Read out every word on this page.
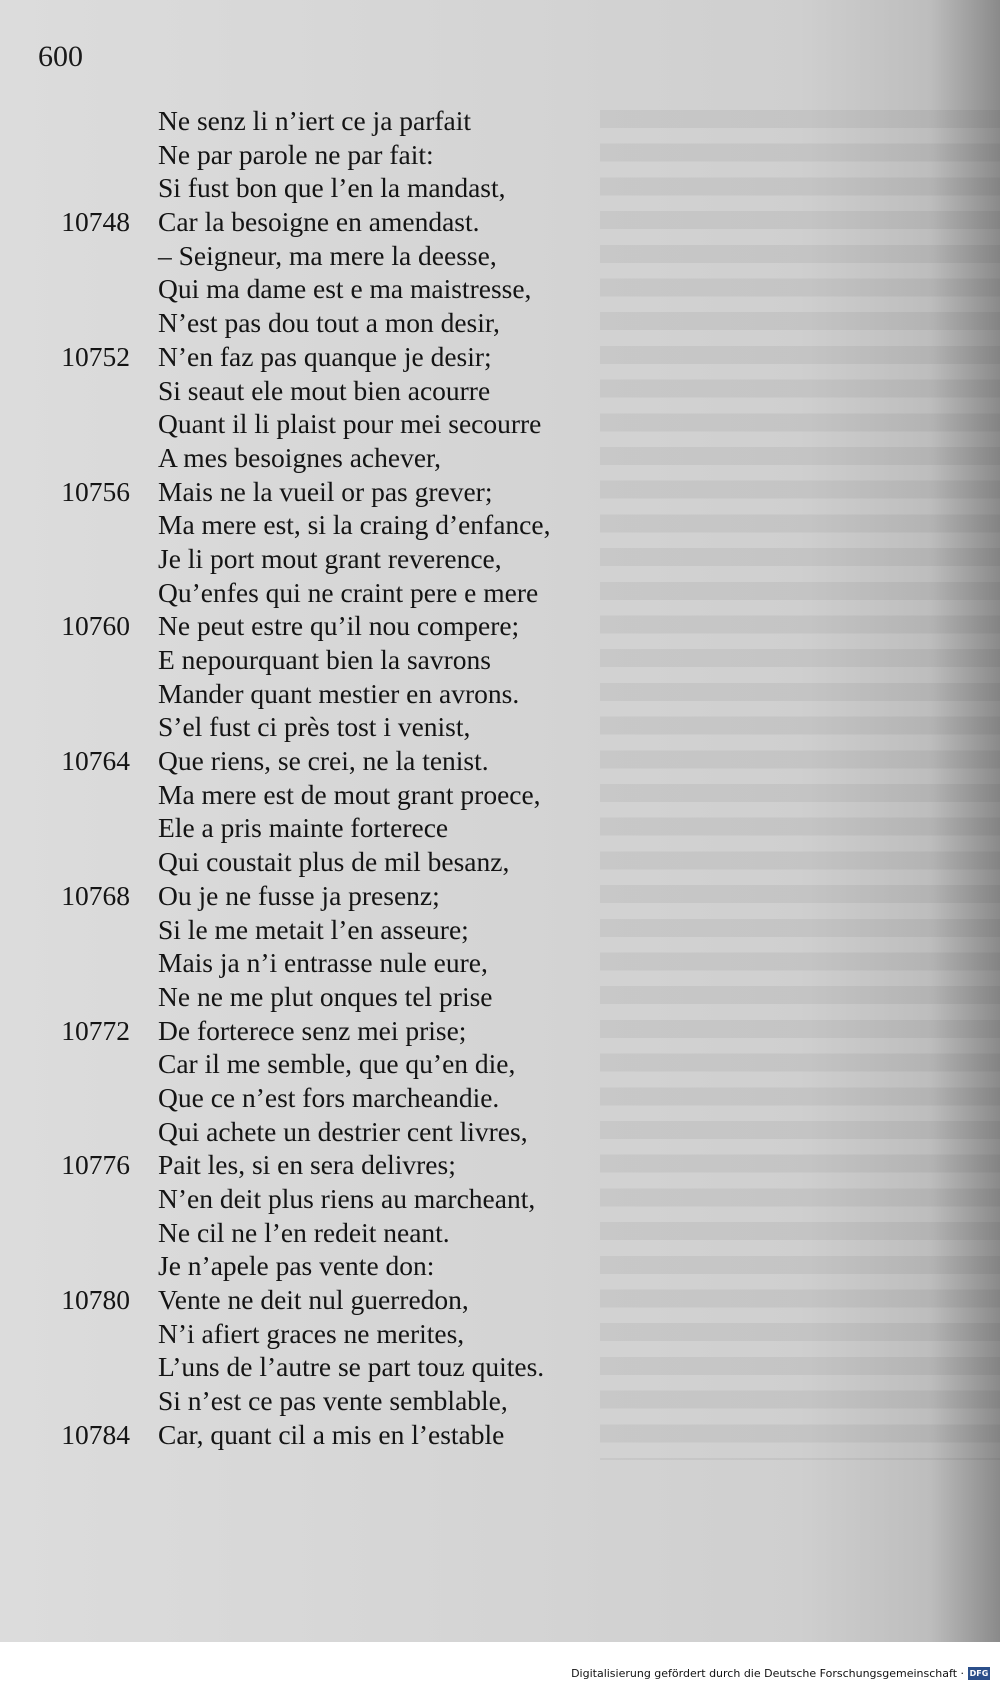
600
Ne senz li n’iert ce ja parfait
Ne par parole ne par fait:
Si fust bon que l’en la mandast,
10748 Car la besoigne en amendast.
– Seigneur, ma mere la deesse,
Qui ma dame est e ma maistresse,
N’est pas dou tout a mon desir,
10752 N’en faz pas quanque je desir;
Si seaut ele mout bien acourre
Quant il li plaist pour mei secourre
A mes besoignes achever,
10756 Mais ne la vueil or pas grever;
Ma mere est, si la craing d’enfance,
Je li port mout grant reverence,
Qu’enfes qui ne craint pere e mere
10760 Ne peut estre qu’il nou compere;
E nepourquant bien la savrons
Mander quant mestier en avrons.
S’el fust ci près tost i venist,
10764 Que riens, se crei, ne la tenist.
Ma mere est de mout grant proece,
Ele a pris mainte forterece
Qui coustait plus de mil besanz,
10768 Ou je ne fusse ja presenz;
Si le me metait l’en asseure;
Mais ja n’i entrasse nule eure,
Ne ne me plut onques tel prise
10772 De forterece senz mei prise;
Car il me semble, que qu’en die,
Que ce n’est fors marcheandie.
Qui achete un destrier cent livres,
10776 Pait les, si en sera delivres;
N’en deit plus riens au marcheant,
Ne cil ne l’en redeit neant.
Je n’apele pas vente don:
10780 Vente ne deit nul guerredon,
N’i afiert graces ne merites,
L’uns de l’autre se part touz quites.
Si n’est ce pas vente semblable,
10784 Car, quant cil a mis en l’estable
Digitalisierung gefördert durch die Deutsche Forschungsgemeinschaft · DFG
